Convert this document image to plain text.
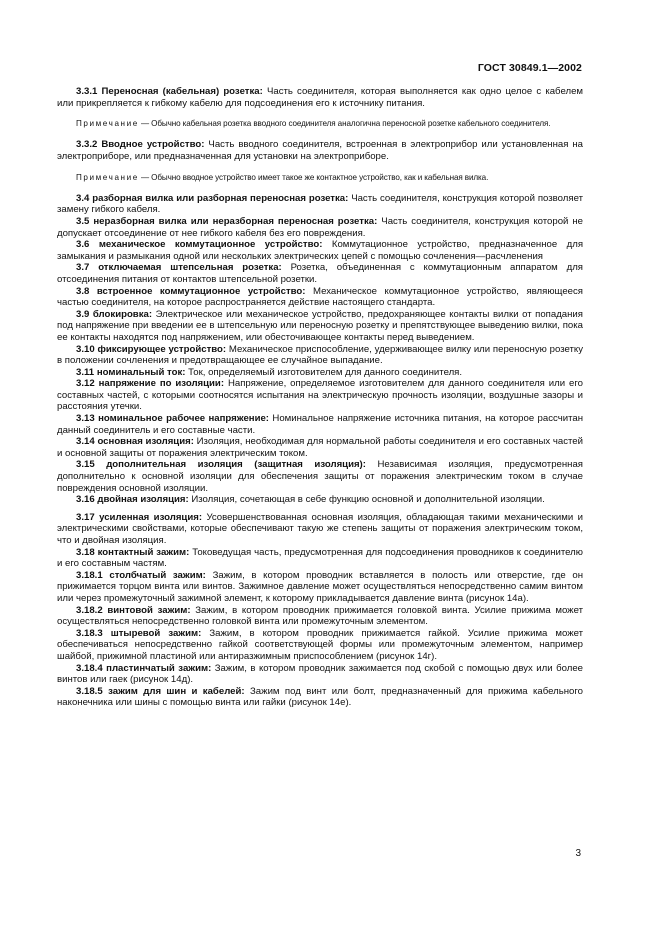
ГОСТ 30849.1—2002

3.3.1 Переносная (кабельная) розетка: Часть соединителя, которая выполняется как одно целое с кабелем или прикрепляется к гибкому кабелю для подсоединения его к источнику питания.

Примечание — Обычно кабельная розетка вводного соединителя аналогична переносной розетке кабельного соединителя.

3.3.2 Вводное устройство: Часть вводного соединителя, встроенная в электроприбор или установленная на электроприборе, или предназначенная для установки на электроприборе.

Примечание — Обычно вводное устройство имеет такое же контактное устройство, как и кабельная вилка.

3.4 разборная вилка или разборная переносная розетка: Часть соединителя, конструкция которой позволяет замену гибкого кабеля.

3.5 неразборная вилка или неразборная переносная розетка: Часть соединителя, конструкция которой не допускает отсоединение от нее гибкого кабеля без его повреждения.

3.6 механическое коммутационное устройство: Коммутационное устройство, предназначенное для замыкания и размыкания одной или нескольких электрических цепей с помощью сочленения—расчленения

3.7 отключаемая штепсельная розетка: Розетка, объединенная с коммутационным аппаратом для отсоединения питания от контактов штепсельной розетки.

3.8 встроенное коммутационное устройство: Механическое коммутационное устройство, являющееся частью соединителя, на которое распространяется действие настоящего стандарта.

3.9 блокировка: Электрическое или механическое устройство, предохраняющее контакты вилки от попадания под напряжение при введении ее в штепсельную или переносную розетку и препятствующее выведению вилки, пока ее контакты находятся под напряжением, или обесточивающее контакты перед выведением.

3.10 фиксирующее устройство: Механическое приспособление, удерживающее вилку или переносную розетку в положении сочленения и предотвращающее ее случайное выпадание.

3.11 номинальный ток: Ток, определяемый изготовителем для данного соединителя.

3.12 напряжение по изоляции: Напряжение, определяемое изготовителем для данного соединителя или его составных частей, с которыми соотносятся испытания на электрическую прочность изоляции, воздушные зазоры и расстояния утечки.

3.13 номинальное рабочее напряжение: Номинальное напряжение источника питания, на которое рассчитан данный соединитель и его составные части.

3.14 основная изоляция: Изоляция, необходимая для нормальной работы соединителя и его составных частей и основной защиты от поражения электрическим током.

3.15 дополнительная изоляция (защитная изоляция): Независимая изоляция, предусмотренная дополнительно к основной изоляции для обеспечения защиты от поражения электрическим током в случае повреждения основной изоляции.

3.16 двойная изоляция: Изоляция, сочетающая в себе функцию основной и дополнительной изоляции.

3.17 усиленная изоляция: Усовершенствованная основная изоляция, обладающая такими механическими и электрическими свойствами, которые обеспечивают такую же степень защиты от поражения электрическим током, что и двойная изоляция.

3.18 контактный зажим: Токоведущая часть, предусмотренная для подсоединения проводников к соединителю и его составным частям.

3.18.1 столбчатый зажим: Зажим, в котором проводник вставляется в полость или отверстие, где он прижимается торцом винта или винтов. Зажимное давление может осуществляться непосредственно самим винтом или через промежуточный зажимной элемент, к которому прикладывается давление винта (рисунок 14а).

3.18.2 винтовой зажим: Зажим, в котором проводник прижимается головкой винта. Усилие прижима может осуществляться непосредственно головкой винта или промежуточным элементом.

3.18.3 штыревой зажим: Зажим, в котором проводник прижимается гайкой. Усилие прижима может обеспечиваться непосредственно гайкой соответствующей формы или промежуточным элементом, например шайбой, прижимной пластиной или антиразжимным приспособлением (рисунок 14г).

3.18.4 пластинчатый зажим: Зажим, в котором проводник зажимается под скобой с помощью двух или более винтов или гаек (рисунок 14д).

3.18.5 зажим для шин и кабелей: Зажим под винт или болт, предназначенный для прижима кабельного наконечника или шины с помощью винта или гайки (рисунок 14е).

3
